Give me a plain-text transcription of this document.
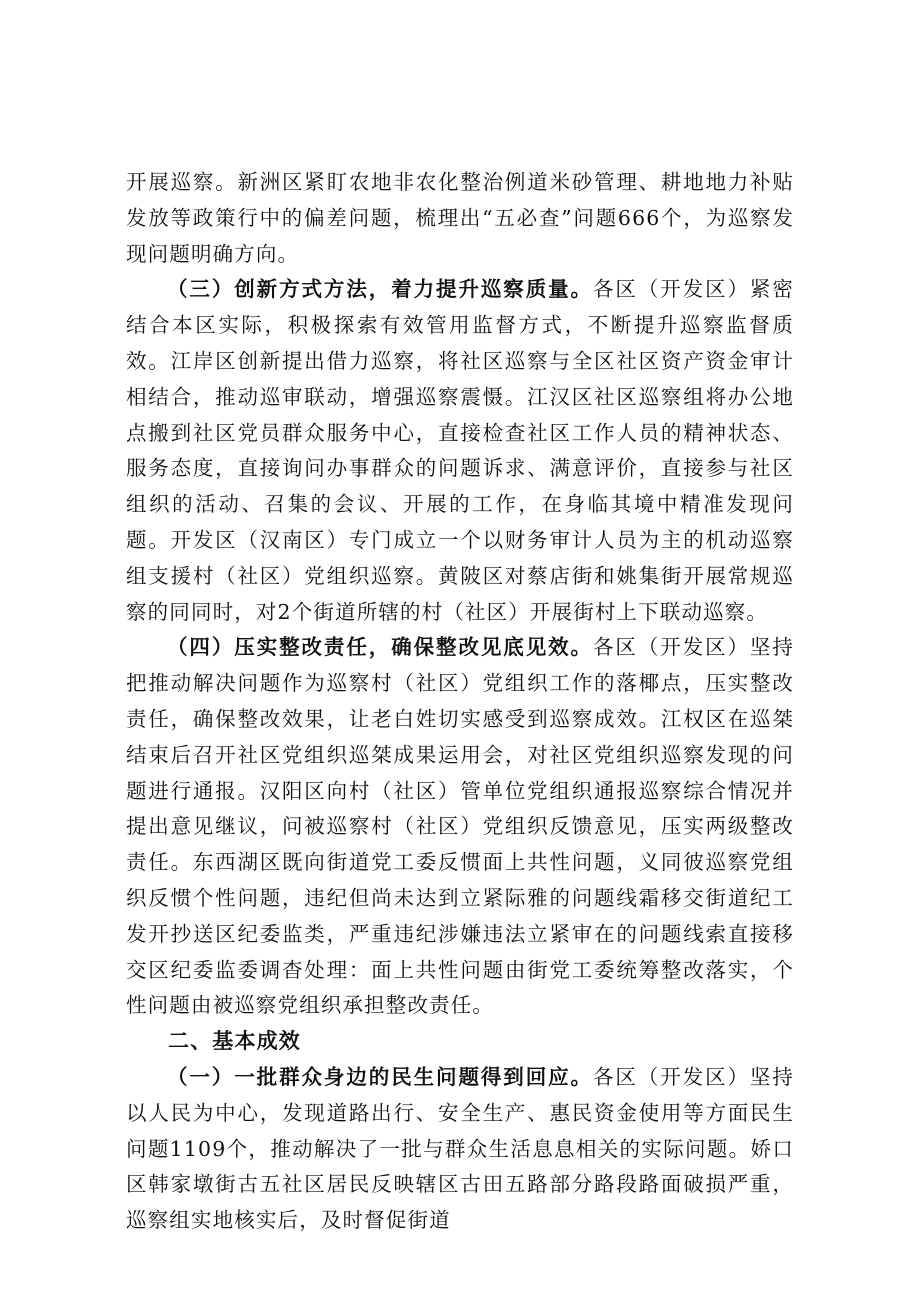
开展巡察。新洲区紧盯农地非农化整治例道米砂管理、耕地地力补贴发放等政策行中的偏差问题，梳理出“五必查”问题666个，为巡察发现问题明确方向。

（三）创新方式方法，着力提升巡察质量。各区（开发区）紧密结合本区实际，积极探索有效管用监督方式，不断提升巡察监督质效。江岸区创新提出借力巡察，将社区巡察与全区社区资产资金审计相结合，推动巡审联动，增强巡察震慑。江汉区社区巡察组将办公地点搬到社区党员群众服务中心，直接检查社区工作人员的精神状态、服务态度，直接询问办事群众的问题诉求、满意评价，直接参与社区组织的活动、召集的会议、开展的工作，在身临其境中精准发现问题。开发区（汉南区）专门成立一个以财务审计人员为主的机动巡察组支援村（社区）党组织巡察。黄陂区对蔡店街和姚集街开展常规巡察的同同时，对2个街道所辖的村（社区）开展街村上下联动巡察。

（四）压实整改责任，确保整改见底见效。各区（开发区）坚持把推动解决问题作为巡察村（社区）党组织工作的落椰点，压实整改责任，确保整改效果，让老白姓切实感受到巡察成效。江权区在巡桀结束后召开社区党组织巡桀成果运用会，对社区党组织巡察发现的问题进行通报。汉阳区向村（社区）管单位党组织通报巡察综合情况并提出意见继议，问被巡察村（社区）党组织反馈意见，压实两级整改责任。东西湖区既向街道党工委反惯面上共性问题，义同彼巡察党组织反惯个性问题，违纪但尚未达到立紧际雅的问题线霜移交街道纪工发开抄送区纪委监类，严重违纪涉嫌违法立紧审在的问题线索直接移交区纪委监委调杳处理：面上共性问题由街党工委统筹整改落实，个性问题由被巡察党组织承担整改责任。

二、基本成效

（一）一批群众身边的民生问题得到回应。各区（开发区）坚持以人民为中心，发现道路出行、安全生产、惠民资金使用等方面民生问题1109个，推动解决了一批与群众生活息息相关的实际问题。娇口区韩家墩街古五社区居民反映辖区古田五路部分路段路面破损严重，巡察组实地核实后，及时督促街道
